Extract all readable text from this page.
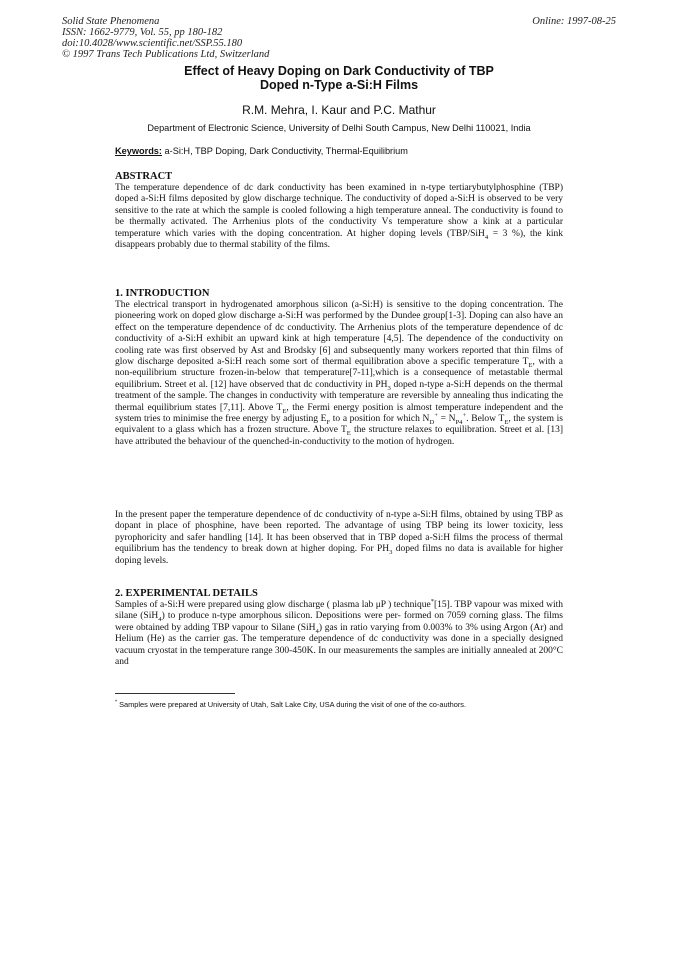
Solid State Phenomena
ISSN: 1662-9779, Vol. 55, pp 180-182
doi:10.4028/www.scientific.net/SSP.55.180
© 1997 Trans Tech Publications Ltd, Switzerland
Online: 1997-08-25
Effect of Heavy Doping on Dark Conductivity of TBP
Doped n-Type a-Si:H Films
R.M. Mehra, I. Kaur and P.C. Mathur
Department of Electronic Science, University of Delhi South Campus, New Delhi 110021, India
Keywords: a-Si:H, TBP Doping, Dark Conductivity, Thermal-Equilibrium
ABSTRACT

The temperature dependence of dc dark conductivity has been examined in n-type tertiarybutylphosphine (TBP) doped a-Si:H films deposited by glow discharge technique. The conductivity of doped a-Si:H is observed to be very sensitive to the rate at which the sample is cooled following a high temperature anneal. The conductivity is found to be thermally activated. The Arrhenius plots of the conductivity Vs temperature show a kink at a particular temperature which varies with the doping concentration. At higher doping levels (TBP/SiH$_4$ = 3 %), the kink disappears probably due to thermal stability of the films.

1. INTRODUCTION

The electrical transport in hydrogenated amorphous silicon (a-Si:H) is sensitive to the doping concentration. The pioneering work on doped glow discharge a-Si:H was performed by the Dundee group[1-3]. Doping can also have an effect on the temperature dependence of dc conductivity. The Arrhenius plots of the temperature dependence of dc conductivity of a-Si:H exhibit an upward kink at high temperature [4,5]. The dependence of the conductivity on cooling rate was first observed by Ast and Brodsky [6] and subsequently many workers reported that thin films of glow discharge deposited a-Si:H reach some sort of thermal equilibration above a specific temperature $T_E$, with a non-equilibrium structure frozen-in-below that temperature[7-11],which is a consequence of metastable thermal equilibrium. Street et al. [12] have observed that dc conductivity in $PH_3$ doped n-type a-Si:H depends on the thermal treatment of the sample. The changes in conductivity with temperature are reversible by annealing thus indicating the thermal equilibrium states [7,11]. Above $T_E$, the Fermi energy position is almost temperature independent and the system tries to minimise the free energy by adjusting $E_F$ to a position for which $N_D^+ = N_{P4}^+$. Below $T_E$, the system is equivalent to a glass which has a frozen structure. Above $T_E$ the structure relaxes to equilibration. Street et al. [13] have attributed the behaviour of the quenched-in-conductivity to the motion of hydrogen.

In the present paper the temperature dependence of dc conductivity of n-type a-Si:H films, obtained by using TBP as dopant in place of phosphine, have been reported. The advantage of using TBP being its lower toxicity, less pyrophoricity and safer handling [14]. It has been observed that in TBP doped a-Si:H films the process of thermal equilibrium has the tendency to break down at higher doping. For $PH_3$ doped films no data is available for higher doping levels.

2. EXPERIMENTAL DETAILS

Samples of a-Si:H were prepared using glow discharge ( plasma lab μP ) technique*[15]. TBP vapour was mixed with silane (SiH$_4$) to produce n-type amorphous silicon. Depositions were per- formed on 7059 corning glass. The films were obtained by adding TBP vapour to Silane (SiH$_4$) gas in ratio varying from 0.003% to 3% using Argon (Ar) and Helium (He) as the carrier gas. The temperature dependence of dc conductivity was done in a specially designed vacuum cryostat in the temperature range 300-450K. In our measurements the samples are initially annealed at 200°C and

* Samples were prepared at University of Utah, Salt Lake City, USA during the visit of one of the co-authors.
